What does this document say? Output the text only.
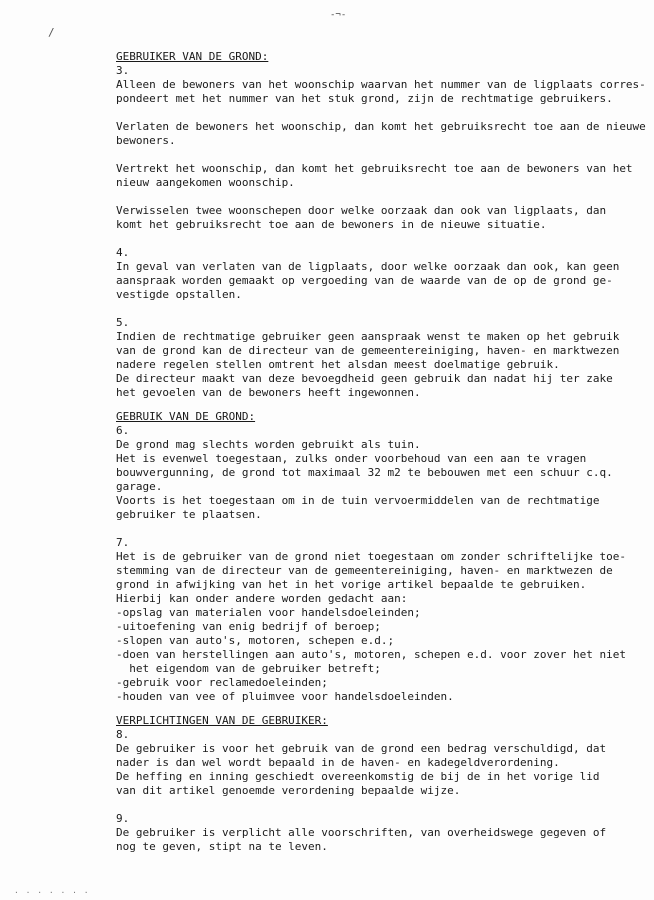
-¬-
/
· · · · · · ·
GEBRUIKER VAN DE GROND:
3.
Alleen de bewoners van het woonschip waarvan het nummer van de ligplaats corres-
pondeert met het nummer van het stuk grond, zijn de rechtmatige gebruikers.
Verlaten de bewoners het woonschip, dan komt het gebruiksrecht toe aan de nieuwe
bewoners.
Vertrekt het woonschip, dan komt het gebruiksrecht toe aan de bewoners van het
nieuw aangekomen woonschip.
Verwisselen twee woonschepen door welke oorzaak dan ook van ligplaats, dan
komt het gebruiksrecht toe aan de bewoners in de nieuwe situatie.
4.
In geval van verlaten van de ligplaats, door welke oorzaak dan ook, kan geen
aanspraak worden gemaakt op vergoeding van de waarde van de op de grond ge-
vestigde opstallen.
5.
Indien de rechtmatige gebruiker geen aanspraak wenst te maken op het gebruik
van de grond kan de directeur van de gemeentereiniging, haven- en marktwezen
nadere regelen stellen omtrent het alsdan meest doelmatige gebruik.
De directeur maakt van deze bevoegdheid geen gebruik dan nadat hij ter zake
het gevoelen van de bewoners heeft ingewonnen.
GEBRUIK VAN DE GROND:
6.
De grond mag slechts worden gebruikt als tuin.
Het is evenwel toegestaan, zulks onder voorbehoud van een aan te vragen
bouwvergunning, de grond tot maximaal 32 m2 te bebouwen met een schuur c.q.
garage.
Voorts is het toegestaan om in de tuin vervoermiddelen van de rechtmatige
gebruiker te plaatsen.
7.
Het is de gebruiker van de grond niet toegestaan om zonder schriftelijke toe-
stemming van de directeur van de gemeentereiniging, haven- en marktwezen de
grond in afwijking van het in het vorige artikel bepaalde te gebruiken.
Hierbij kan onder andere worden gedacht aan:
-opslag van materialen voor handelsdoeleinden;
-uitoefening van enig bedrijf of beroep;
-slopen van auto's, motoren, schepen e.d.;
-doen van herstellingen aan auto's, motoren, schepen e.d. voor zover het niet
het eigendom van de gebruiker betreft;
-gebruik voor reclamedoeleinden;
-houden van vee of pluimvee voor handelsdoeleinden.
VERPLICHTINGEN VAN DE GEBRUIKER:
8.
De gebruiker is voor het gebruik van de grond een bedrag verschuldigd, dat
nader is dan wel wordt bepaald in de haven- en kadegeldverordening.
De heffing en inning geschiedt overeenkomstig de bij de in het vorige lid
van dit artikel genoemde verordening bepaalde wijze.
9.
De gebruiker is verplicht alle voorschriften, van overheidswege gegeven of
nog te geven, stipt na te leven.
